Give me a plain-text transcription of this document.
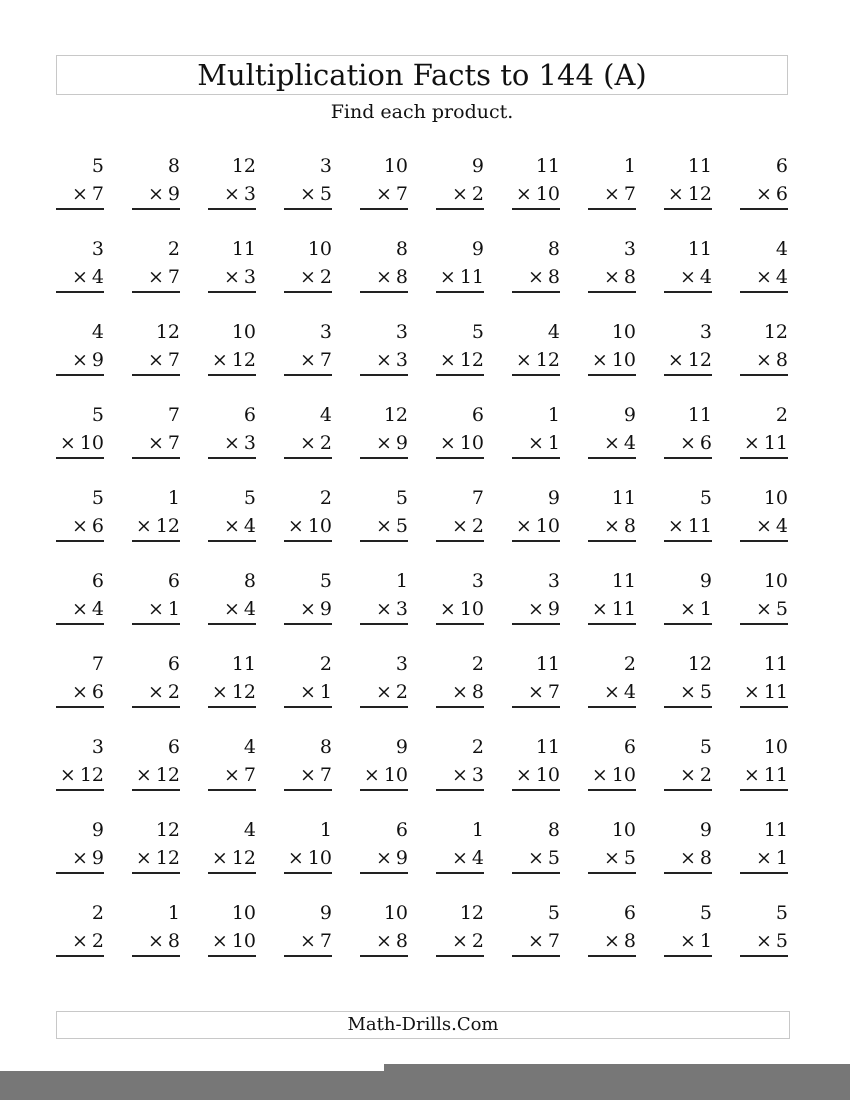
Multiplication Facts to 144 (A)
Find each product.
5
× 7
8
× 9
12
× 3
3
× 5
10
× 7
9
× 2
11
× 10
1
× 7
11
× 12
6
× 6
3
× 4
2
× 7
11
× 3
10
× 2
8
× 8
9
× 11
8
× 8
3
× 8
11
× 4
4
× 4
4
× 9
12
× 7
10
× 12
3
× 7
3
× 3
5
× 12
4
× 12
10
× 10
3
× 12
12
× 8
5
× 10
7
× 7
6
× 3
4
× 2
12
× 9
6
× 10
1
× 1
9
× 4
11
× 6
2
× 11
5
× 6
1
× 12
5
× 4
2
× 10
5
× 5
7
× 2
9
× 10
11
× 8
5
× 11
10
× 4
6
× 4
6
× 1
8
× 4
5
× 9
1
× 3
3
× 10
3
× 9
11
× 11
9
× 1
10
× 5
7
× 6
6
× 2
11
× 12
2
× 1
3
× 2
2
× 8
11
× 7
2
× 4
12
× 5
11
× 11
3
× 12
6
× 12
4
× 7
8
× 7
9
× 10
2
× 3
11
× 10
6
× 10
5
× 2
10
× 11
9
× 9
12
× 12
4
× 12
1
× 10
6
× 9
1
× 4
8
× 5
10
× 5
9
× 8
11
× 1
2
× 2
1
× 8
10
× 10
9
× 7
10
× 8
12
× 2
5
× 7
6
× 8
5
× 1
5
× 5
Math-Drills.Com
